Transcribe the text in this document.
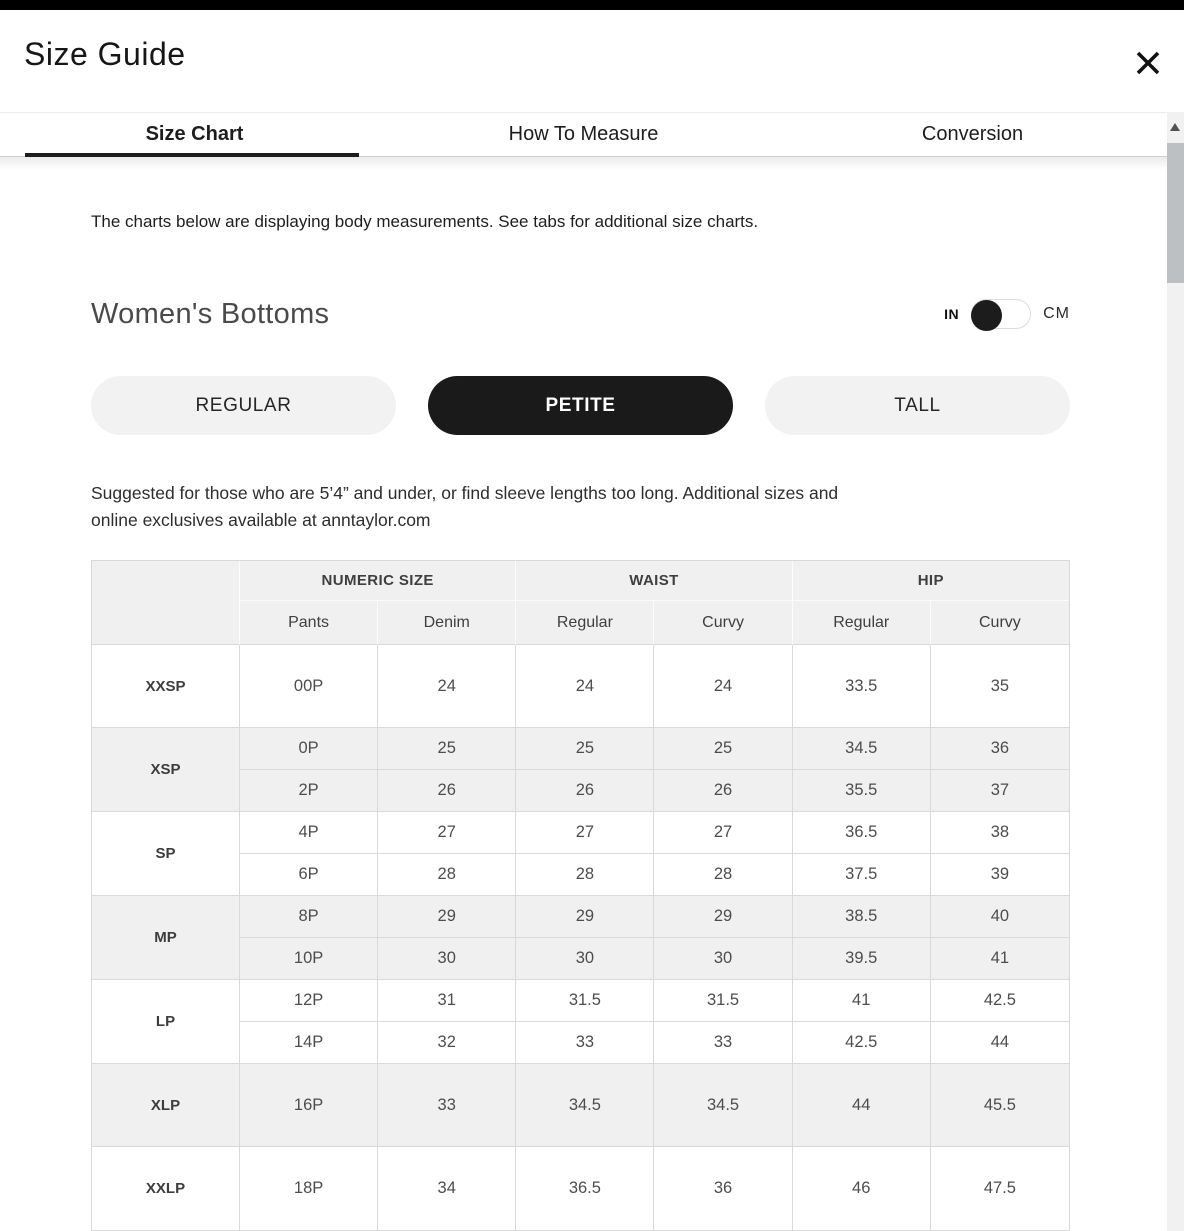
Size Guide
Size Chart	How To Measure	Conversion
The charts below are displaying body measurements. See tabs for additional size charts.
Women's Bottoms	IN	CM
REGULAR	PETITE	TALL
Suggested for those who are 5’4” and under, or find sleeve lengths too long. Additional sizes and
online exclusives available at anntaylor.com
	NUMERIC SIZE		WAIST		HIP	
	Pants	Denim	Regular	Curvy	Regular	Curvy
XXSP	00P	24	24	24	33.5	35
XSP	0P	25	25	25	34.5	36
	2P	26	26	26	35.5	37
SP	4P	27	27	27	36.5	38
	6P	28	28	28	37.5	39
MP	8P	29	29	29	38.5	40
	10P	30	30	30	39.5	41
LP	12P	31	31.5	31.5	41	42.5
	14P	32	33	33	42.5	44
XLP	16P	33	34.5	34.5	44	45.5
XXLP	18P	34	36.5	36	46	47.5
